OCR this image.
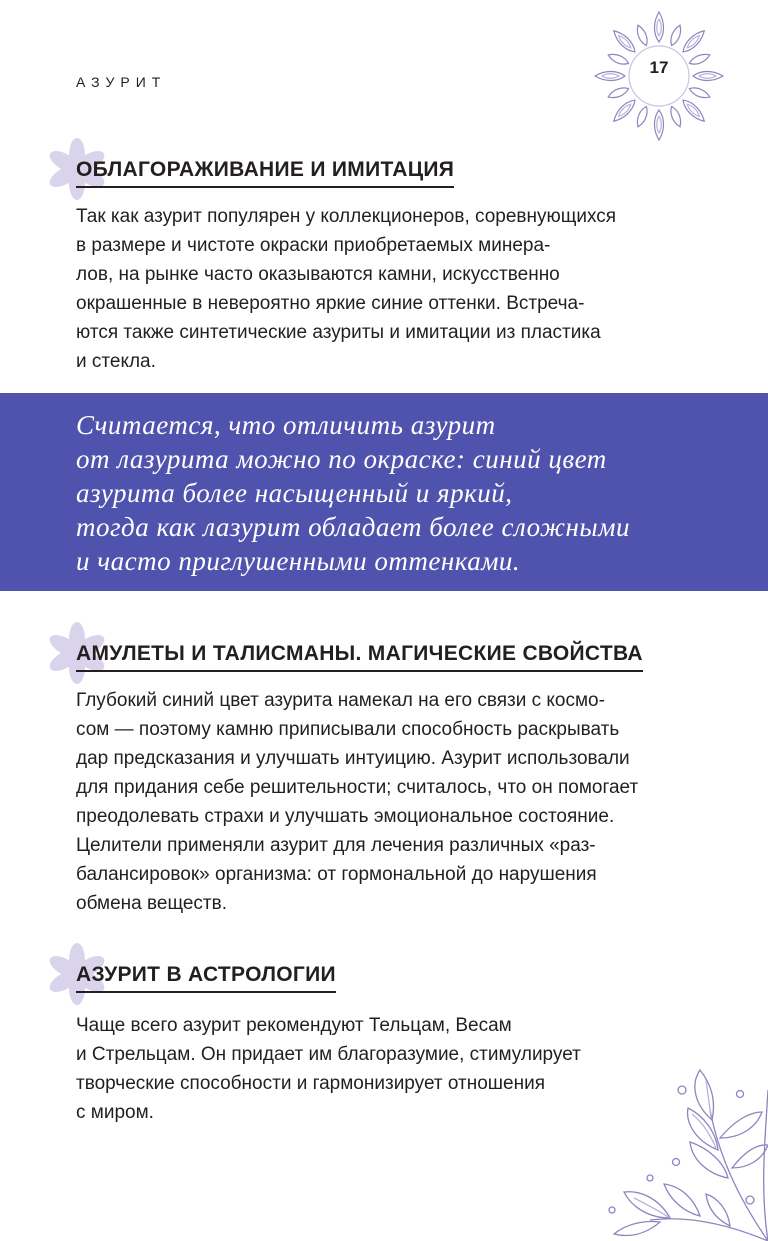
АЗУРИТ
17
ОБЛАГОРАЖИВАНИЕ И ИМИТАЦИЯ

Так как азурит популярен у коллекционеров, соревнующихся
в размере и чистоте окраски приобретаемых минера-
лов, на рынке часто оказываются камни, искусственно
окрашенные в невероятно яркие синие оттенки. Встреча-
ются также синтетические азуриты и имитации из пластика
и стекла.

Считается, что отличить азурит
от лазурита можно по окраске: синий цвет
азурита более насыщенный и яркий,
тогда как лазурит обладает более сложными
и часто приглушенными оттенками.
АМУЛЕТЫ И ТАЛИСМАНЫ. МАГИЧЕСКИЕ СВОЙСТВА

Глубокий синий цвет азурита намекал на его связи с космо-
сом — поэтому камню приписывали способность раскрывать
дар предсказания и улучшать интуицию. Азурит использовали
для придания себе решительности; считалось, что он помогает
преодолевать страхи и улучшать эмоциональное состояние.
Целители применяли азурит для лечения различных «раз-
балансировок» организма: от гормональной до нарушения
обмена веществ.

АЗУРИТ В АСТРОЛОГИИ

Чаще всего азурит рекомендуют Тельцам, Весам
и Стрельцам. Он придает им благоразумие, стимулирует
творческие способности и гармонизирует отношения
с миром.
